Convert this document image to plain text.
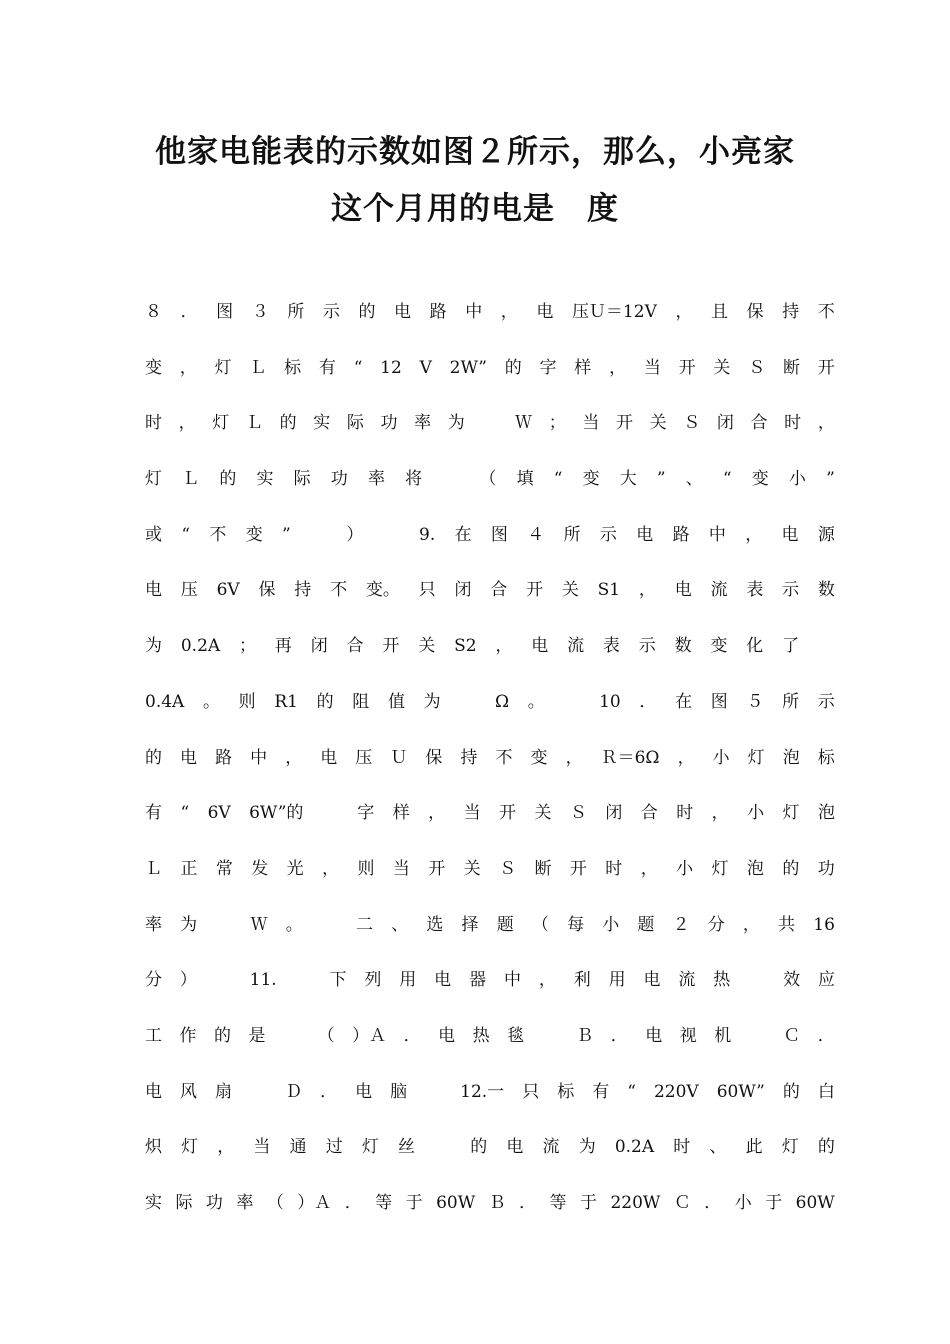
他家电能表的示数如图２所示，那么，小亮家
这个月用的电是　度
８ ． 图 ３ 所 示 的 电 路 中 ， 电 压Ｕ＝12V ， 且 保 持 不
变 ， 灯 Ｌ 标 有 “ 12 V 2W” 的 字 样 ， 当 开 关 Ｓ 断 开
时 ， 灯 Ｌ 的 实 际 功 率 为
　	Ｗ ； 当 开 关 Ｓ 闭 合 时 ，
灯 Ｌ 的 实 际 功 率 将
　	（ 填 “ 变 大 ” 、 “ 变 小 ”
或 “ 不 变 ”
　	）
　	9. 在 图 ４ 所 示 电 路 中 ， 电 源
电 压 6V 保 持 不 变。 只 闭 合 开 关 S1 ， 电 流 表 示 数
为 0.2A ； 再 闭 合 开 关 S2 ， 电 流 表 示 数 变 化 了

0.4A 。 则 R1 的 阻 值 为
　	Ω 。
　	10 ． 在 图 ５ 所 示
的 电 路 中 ， 电 压 Ｕ 保 持 不 变 ， Ｒ＝6Ω ， 小 灯 泡 标
有 “ 6V 6W”的
　	字 样 ， 当 开 关 Ｓ 闭 合 时 ， 小 灯 泡
Ｌ 正 常 发 光 ， 则 当 开 关 Ｓ 断 开 时 ， 小 灯 泡 的 功
率 为
　	Ｗ 。
　	二 、 选 择 题 （ 每 小 题 ２ 分 ， 共 16
分 ）
　	11.
　	下 列 用 电 器 中 ， 利 用 电 流 热
　	效 应
工 作 的 是
　	（ ）Ａ ． 电 热 毯
　	Ｂ ． 电 视 机
　	Ｃ ．
电 风 扇
　	Ｄ ． 电 脑
　	12.一 只 标 有 “ 220V 60W” 的 白
炽 灯 ， 当 通 过 灯 丝
　	的 电 流 为 0.2A 时 、 此 灯 的
实 际 功 率 （ ）Ａ ． 等 于 60W Ｂ ． 等 于 220W Ｃ ． 小 于 60W
